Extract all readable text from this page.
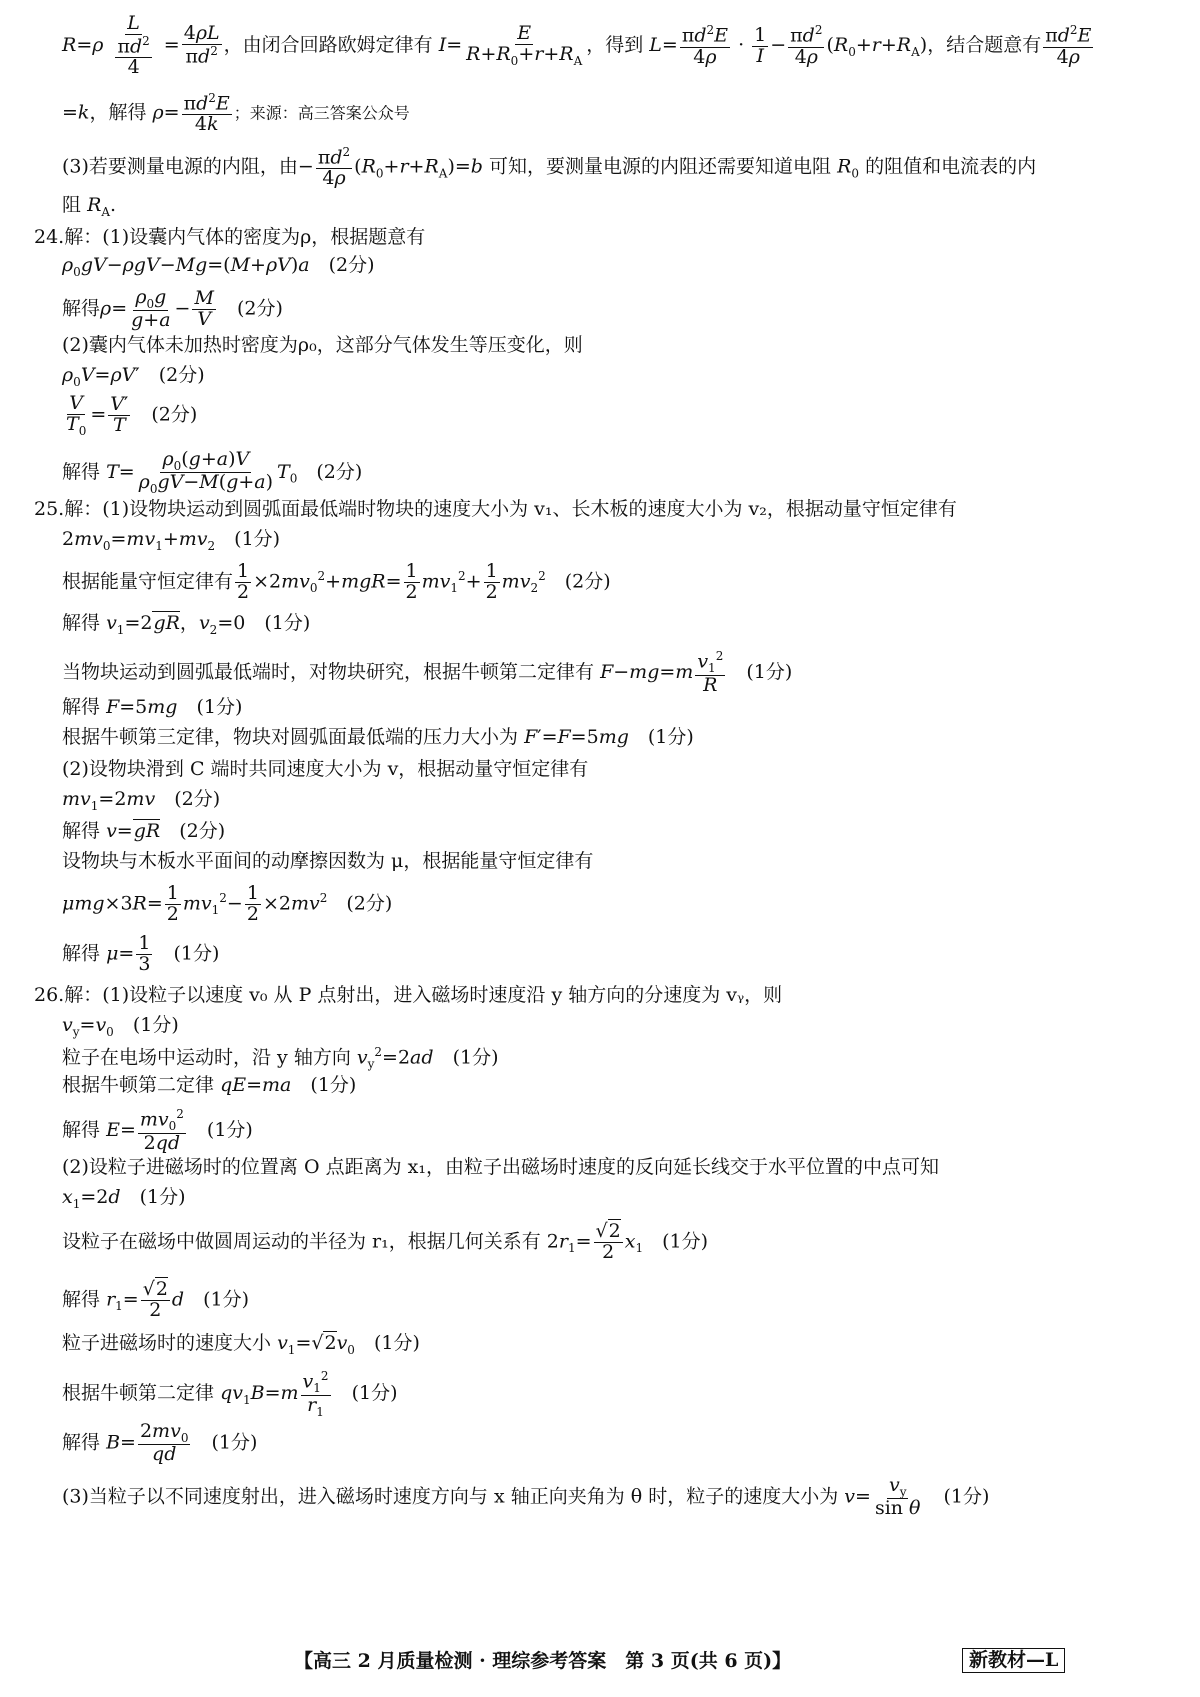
$R=\rho \frac{L}{\frac{\pi d^2}{4}} = \frac{4\rho L}{\pi d^2}$ ，由闭合回路欧姆定律有 $I= \frac{E}{R+R_0+r+R_A}$ ，得到 $L= \frac{\pi d^2E}{4\rho} \cdot \frac{1}{I} - \frac{\pi d^2}{4\rho} (R_0+r+R_A)$，结合题意有 $\frac{\pi d^2E}{4\rho}$
=k，解得 $\rho= \frac{\pi d^2E}{4k}$ ；来源：高三答案公众号
(3)若要测量电源的内阻，由− $\frac{\pi d^2}{4\rho} (R_0+r+R_A)=b$ 可知，要测量电源的内阻还需要知道电阻 $R_0$ 的阻值和电流表的内
阻 $R_A$.
24.解：(1)设囊内气体的密度为ρ，根据题意有
$\rho_0gV-\rho gV-Mg=(M+\rho V)a$　 (2分)
解得$\rho= \frac{\rho_0g}{g+a} - \frac{M}{V}$
　 (2分)
(2)囊内气体未加热时密度为ρ₀，这部分气体发生等压变化，则
$\rho_0V=\rho V'$　(2分)
$\frac{V}{T_0} = \frac{V'}{T}$
　 (2分)
解得 $T= \frac{\rho_0(g+a)V}{\rho_0gV-M(g+a)} T_0$　 (2分)
25.解：(1)设物块运动到圆弧面最低端时物块的速度大小为 v₁、长木板的速度大小为 v₂，根据动量守恒定律有
$2mv_0=mv_1+mv_2$　 (1分)
根据能量守恒定律有 $\frac{1}{2} \times 2mv_0^2+mgR= \frac{1}{2} mv_1^2+ \frac{1}{2} mv_2^2$　 (2分)
解得 $v_1=2gR$，$v_2=0$　(1分)
当物块运动到圆弧最低端时，对物块研究，根据牛顿第二定律有 $F-mg=m \frac{v_1^2}{R}$
　 (1分)
解得 F=5mg　 (1分)
根据牛顿第三定律，物块对圆弧面最低端的压力大小为 F′=F=5mg　 (1分)
(2)设物块滑到 C 端时共同速度大小为 v，根据动量守恒定律有
$mv_1=2mv$　 (2分)
解得 v=gR　 (2分)
设物块与木板水平面间的动摩擦因数为 μ，根据能量守恒定律有
$\mu mg\times 3R= \frac{1}{2} mv_1^2- \frac{1}{2} \times 2mv^2$　 (2分)
解得 $\mu= \frac{1}{3}$
　 (1分)
26.解：(1)设粒子以速度 v₀ 从 P 点射出，进入磁场时速度沿 y 轴方向的分速度为 vᵧ，则
$v_y=v_0$　 (1分)
粒子在电场中运动时，沿 y 轴方向 $v_y^2=2ad$　 (1分)
根据牛顿第二定律 qE=ma　 (1分)
解得 $E= \frac{mv_0^2}{2qd}$
　 (1分)
(2)设粒子进磁场时的位置离 O 点距离为 x₁，由粒子出磁场时速度的反向延长线交于水平位置的中点可知
$x_1=2d$　 (1分)
设粒子在磁场中做圆周运动的半径为 r₁，根据几何关系有 $2r_1= \frac{√2}{2} x_1$　 (1分)
解得 $r_1= \frac{√2}{2}$ d　 (1分)
粒子进磁场时的速度大小 $v_1=√2v_0$　 (1分)
根据牛顿第二定律 $qv_1B=m \frac{v_1^2}{r_1}$
　 (1分)
解得 $B= \frac{2mv_0}{qd}$
　 (1分)
(3)当粒子以不同速度射出，进入磁场时速度方向与 x 轴正向夹角为 θ 时，粒子的速度大小为 $v= \frac{v_y}{\text{sin θ}}$
　 (1分)
【高三 2 月质量检测 · 理综参考答案　第 3 页(共 6 页)】	新教材—L
